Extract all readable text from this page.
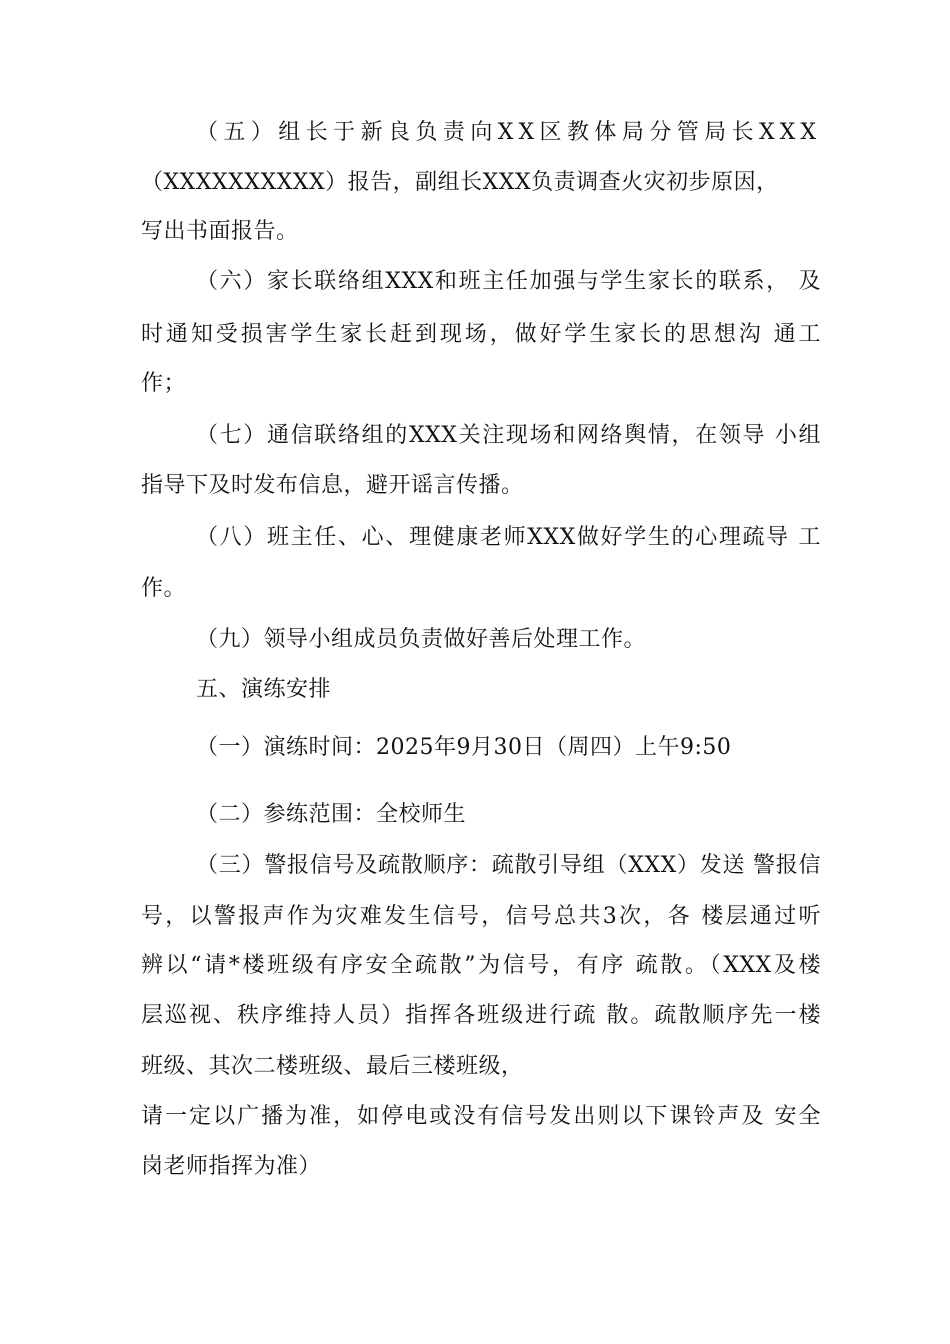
（五）组长于新良负责向XX区教体局分管局长XXX
（XXXXXXXXXX）报告，副组长XXX负责调查火灾初步原因，
写出书面报告。
（六）家长联络组XXX和班主任加强与学生家长的联系， 及
时通知受损害学生家长赶到现场，做好学生家长的思想沟 通工
作；
（七）通信联络组的XXX关注现场和网络舆情，在领导 小组
指导下及时发布信息，避开谣言传播。
（八）班主任、心、理健康老师XXX做好学生的心理疏导 工
作。
（九）领导小组成员负责做好善后处理工作。
五、演练安排
（一）演练时间：2025年9月30日（周四）上午9:50
（二）参练范围：全校师生
（三）警报信号及疏散顺序：疏散引导组（XXX）发送 警报信
号，以警报声作为灾难发生信号，信号总共3次，各 楼层通过听
辨以“请*楼班级有序安全疏散”为信号，有序 疏散。（XXX及楼
层巡视、秩序维持人员）指挥各班级进行疏 散。疏散顺序先一楼
班级、其次二楼班级、最后三楼班级，
请一定以广播为准，如停电或没有信号发出则以下课铃声及 安全
岗老师指挥为准）
